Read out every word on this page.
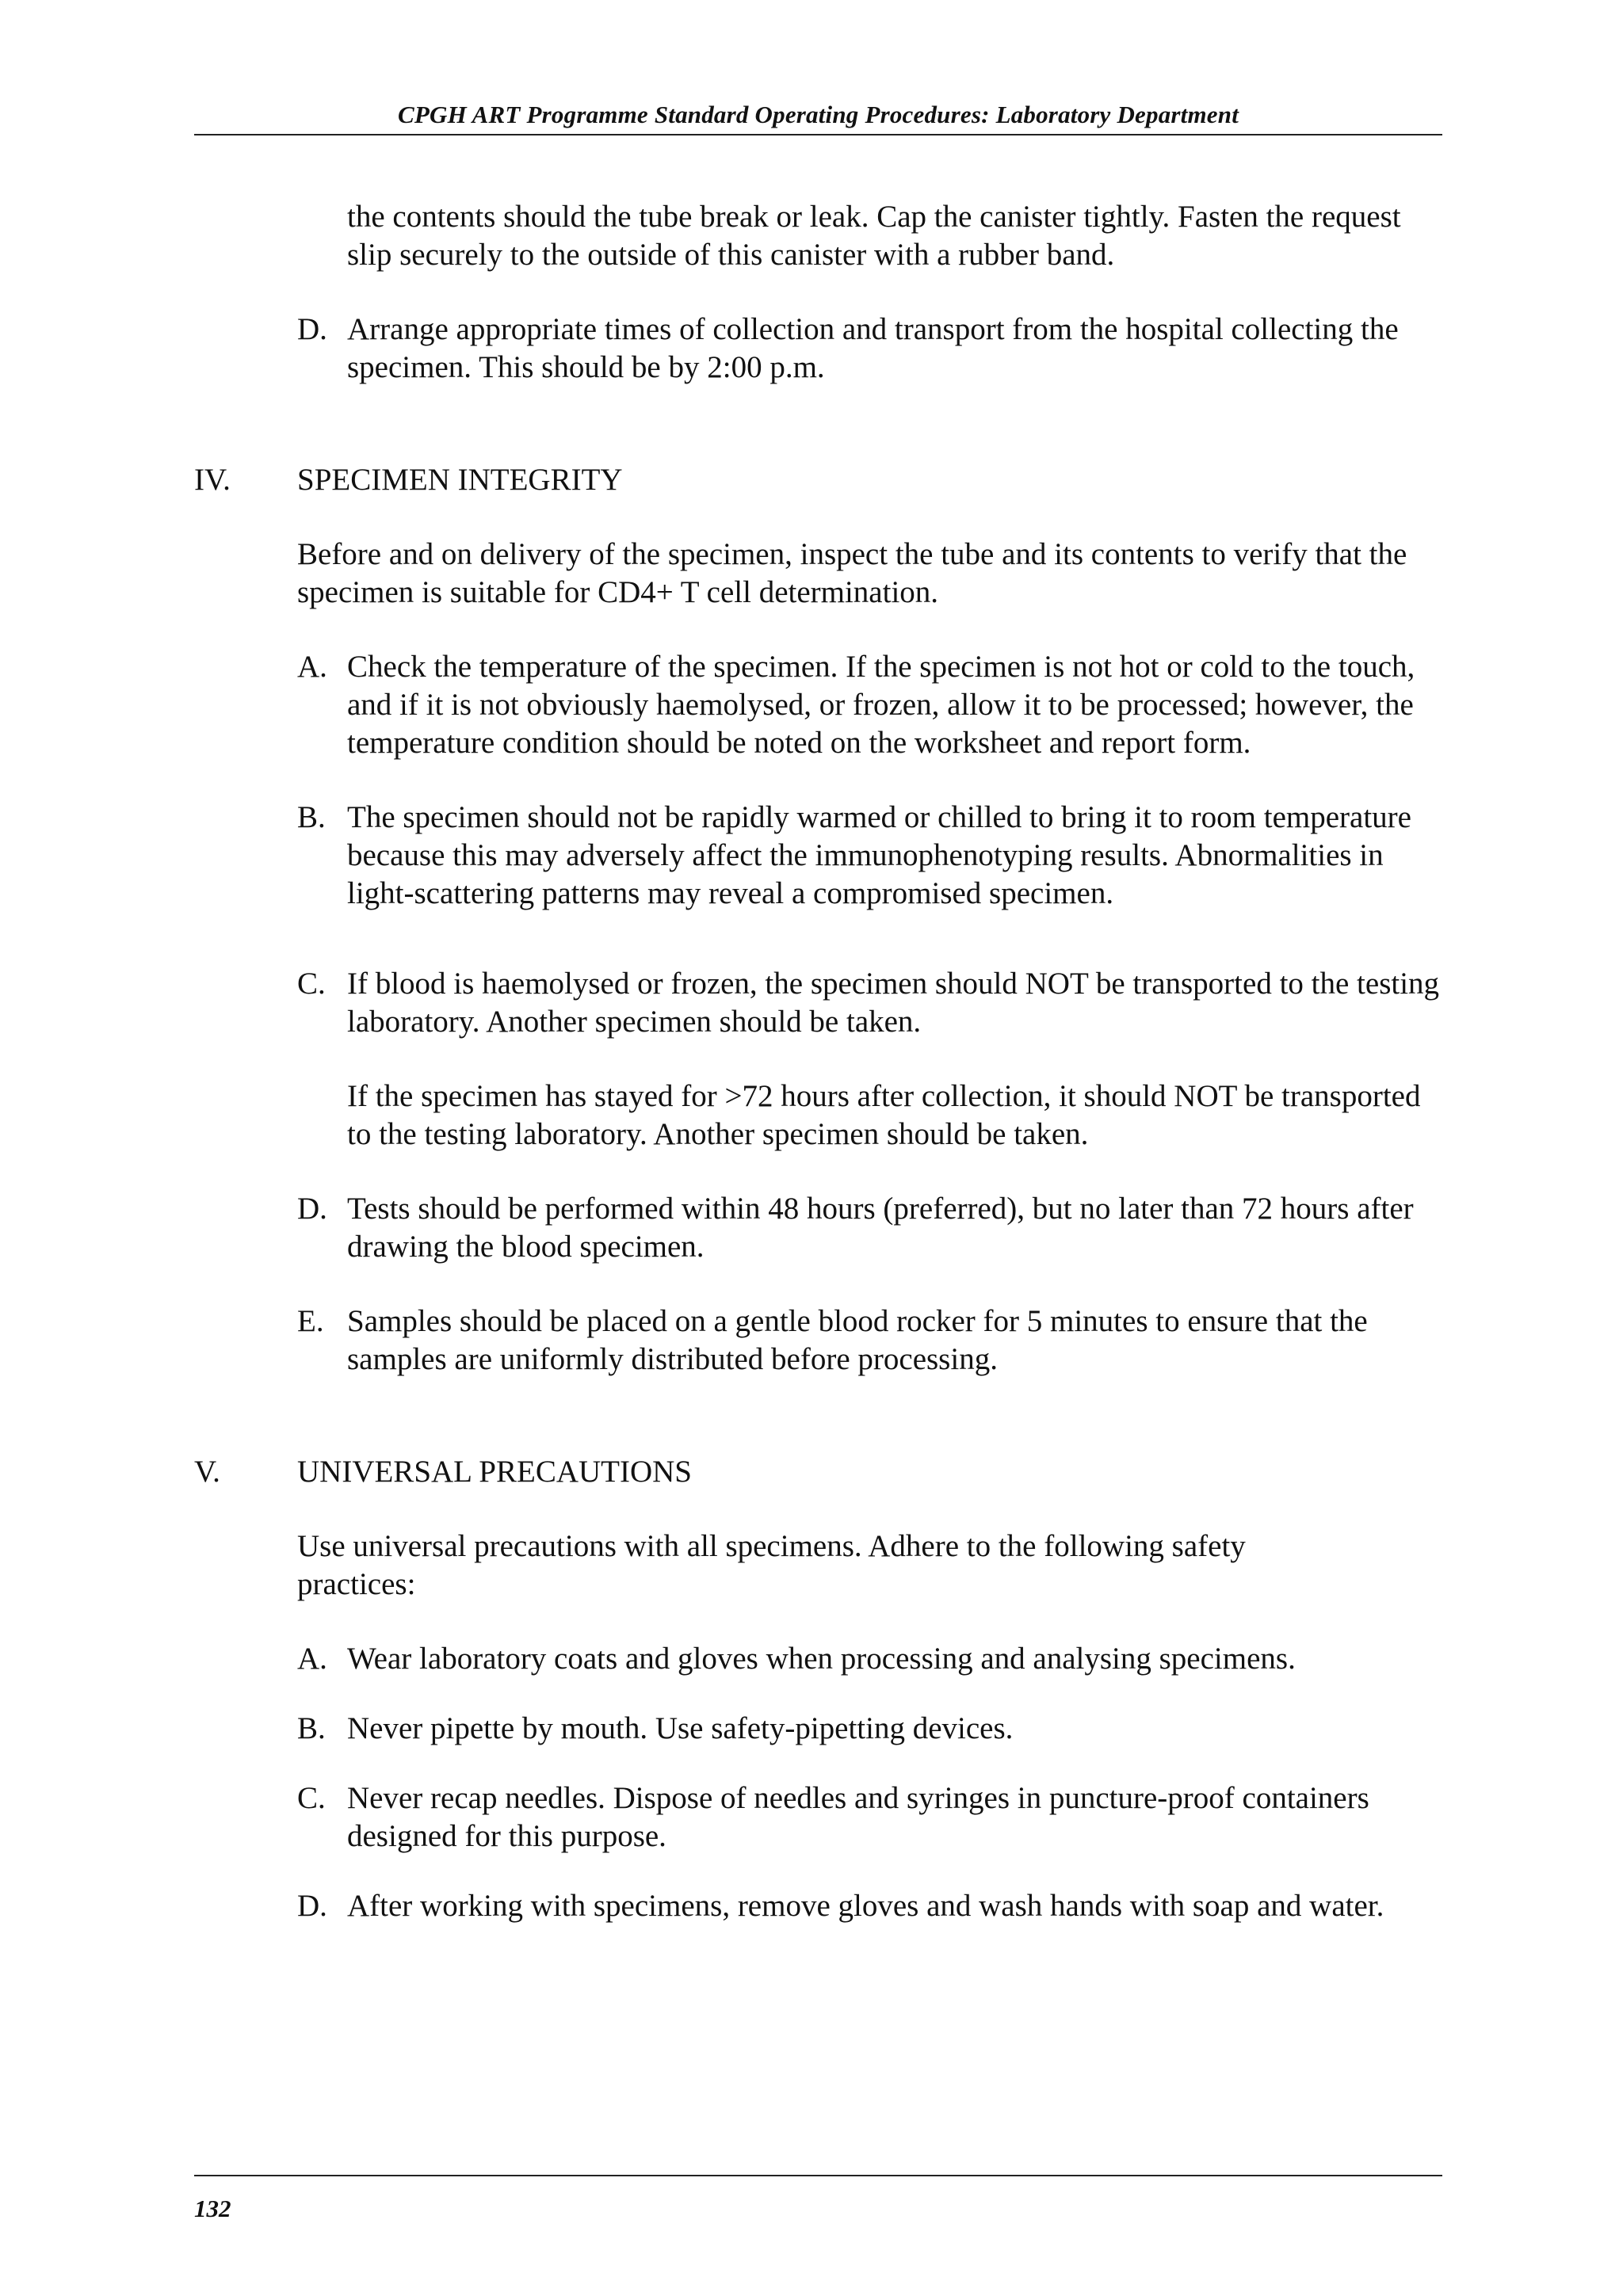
CPGH ART Programme Standard Operating Procedures: Laboratory Department

the contents should the tube break or leak. Cap the canister tightly. Fasten the request slip securely to the outside of this canister with a rubber band.

D. Arrange appropriate times of collection and transport from the hospital collecting the specimen. This should be by 2:00 p.m.

IV. SPECIMEN INTEGRITY

Before and on delivery of the specimen, inspect the tube and its contents to verify that the specimen is suitable for CD4+ T cell determination.

A. Check the temperature of the specimen. If the specimen is not hot or cold to the touch, and if it is not obviously haemolysed, or frozen, allow it to be processed; however, the temperature condition should be noted on the worksheet and report form.

B. The specimen should not be rapidly warmed or chilled to bring it to room temperature because this may adversely affect the immunophenotyping results. Abnormalities in light-scattering patterns may reveal a compromised specimen.

C. If blood is haemolysed or frozen, the specimen should NOT be transported to the testing laboratory. Another specimen should be taken.

If the specimen has stayed for >72 hours after collection, it should NOT be transported to the testing laboratory. Another specimen should be taken.

D. Tests should be performed within 48 hours (preferred), but no later than 72 hours after drawing the blood specimen.

E. Samples should be placed on a gentle blood rocker for 5 minutes to ensure that the samples are uniformly distributed before processing.

V. UNIVERSAL PRECAUTIONS

Use universal precautions with all specimens. Adhere to the following safety practices:

A. Wear laboratory coats and gloves when processing and analysing specimens.

B. Never pipette by mouth. Use safety-pipetting devices.

C. Never recap needles. Dispose of needles and syringes in puncture-proof containers designed for this purpose.

D. After working with specimens, remove gloves and wash hands with soap and water.

132
